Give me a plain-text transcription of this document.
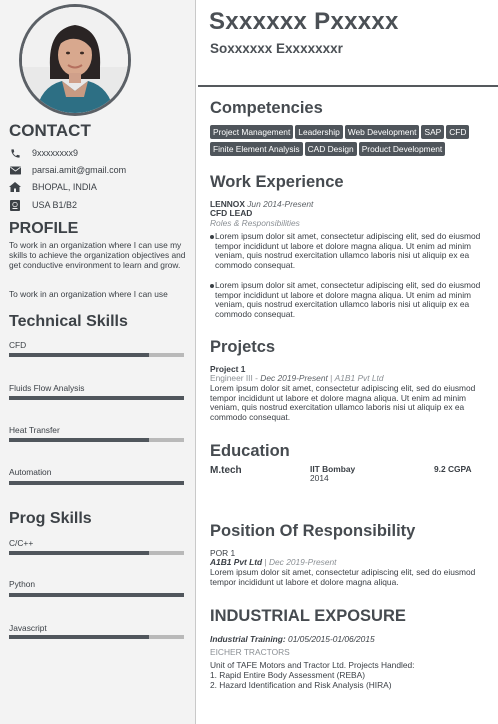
CONTACT
9xxxxxxxx9
parsai.amit@gmail.com
BHOPAL, INDIA
USA B1/B2
PROFILE
To work in an organization where I can use my skills to achieve the organization objectives and get conductive environment to learn and grow.
To work in an organization where I can use
Technical Skills
CFD
Fluids Flow Analysis
Heat Transfer
Automation
Prog Skills
C/C++
Python
Javascript
Sxxxxxx Pxxxxx
Soxxxxxx Exxxxxxxr
Competencies
Project Management Leadership Web Development SAP CFD
Finite Element Analysis CAD Design Product Development
Work Experience
LENNOX Jun 2014-Present
CFD LEAD
Roles & Responsibilities
Lorem ipsum dolor sit amet, consectetur adipiscing elit, sed do eiusmod tempor incididunt ut labore et dolore magna aliqua. Ut enim ad minim veniam, quis nostrud exercitation ullamco laboris nisi ut aliquip ex ea commodo consequat.
Lorem ipsum dolor sit amet, consectetur adipiscing elit, sed do eiusmod tempor incididunt ut labore et dolore magna aliqua. Ut enim ad minim veniam, quis nostrud exercitation ullamco laboris nisi ut aliquip ex ea commodo consequat.
Projetcs
Project 1
Engineer III - Dec 2019-Present | A1B1 Pvt Ltd
Lorem ipsum dolor sit amet, consectetur adipiscing elit, sed do eiusmod tempor incididunt ut labore et dolore magna aliqua. Ut enim ad minim veniam, quis nostrud exercitation ullamco laboris nisi ut aliquip ex ea commodo consequat.
Education
M.tech	IIT Bombay
2014
9.2 CGPA
Position Of Responsibility
POR 1
A1B1 Pvt Ltd | Dec 2019-Present
Lorem ipsum dolor sit amet, consectetur adipiscing elit, sed do eiusmod tempor incididunt ut labore et dolore magna aliqua.
INDUSTRIAL EXPOSURE
Industrial Training: 01/05/2015-01/06/2015
EICHER TRACTORS
Unit of TAFE Motors and Tractor Ltd. Projects Handled:
1. Rapid Entire Body Assessment (REBA)
2. Hazard Identification and Risk Analysis (HIRA)
